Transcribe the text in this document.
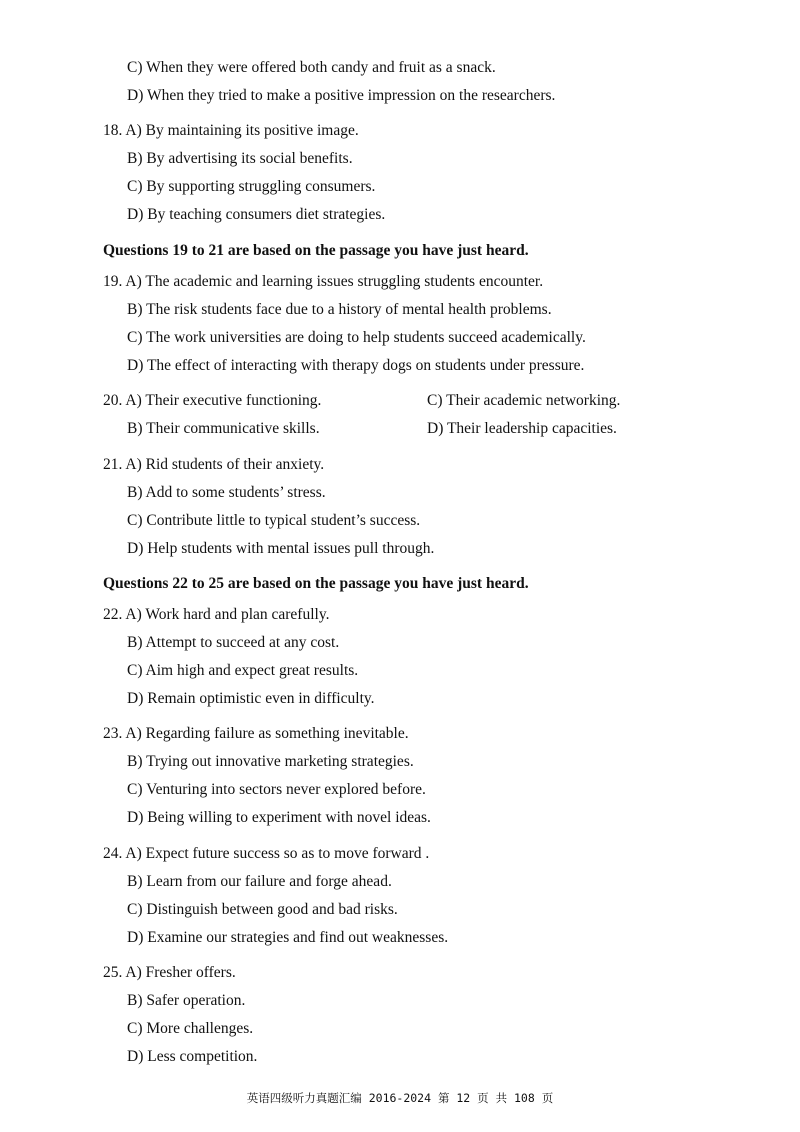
C) When they were offered both candy and fruit as a snack.
D) When they tried to make a positive impression on the researchers.
18. A) By maintaining its positive image.
B) By advertising its social benefits.
C) By supporting struggling consumers.
D) By teaching consumers diet strategies.
Questions 19 to 21 are based on the passage you have just heard.
19. A) The academic and learning issues struggling students encounter.
B) The risk students face due to a history of mental health problems.
C) The work universities are doing to help students succeed academically.
D) The effect of interacting with therapy dogs on students under pressure.
20. A) Their executive functioning.	C) Their academic networking.
B) Their communicative skills.	D) Their leadership capacities.
21. A) Rid students of their anxiety.
B) Add to some students’ stress.
C) Contribute little to typical student’s success.
D) Help students with mental issues pull through.
Questions 22 to 25 are based on the passage you have just heard.
22. A) Work hard and plan carefully.
B) Attempt to succeed at any cost.
C) Aim high and expect great results.
D) Remain optimistic even in difficulty.
23. A) Regarding failure as something inevitable.
B) Trying out innovative marketing strategies.
C) Venturing into sectors never explored before.
D) Being willing to experiment with novel ideas.
24. A) Expect future success so as to move forward .
B) Learn from our failure and forge ahead.
C) Distinguish between good and bad risks.
D) Examine our strategies and find out weaknesses.
25. A) Fresher offers.
B) Safer operation.
C) More challenges.
D) Less competition.
英语四级听力真题汇编 2016-2024 第 12 页 共 108 页
